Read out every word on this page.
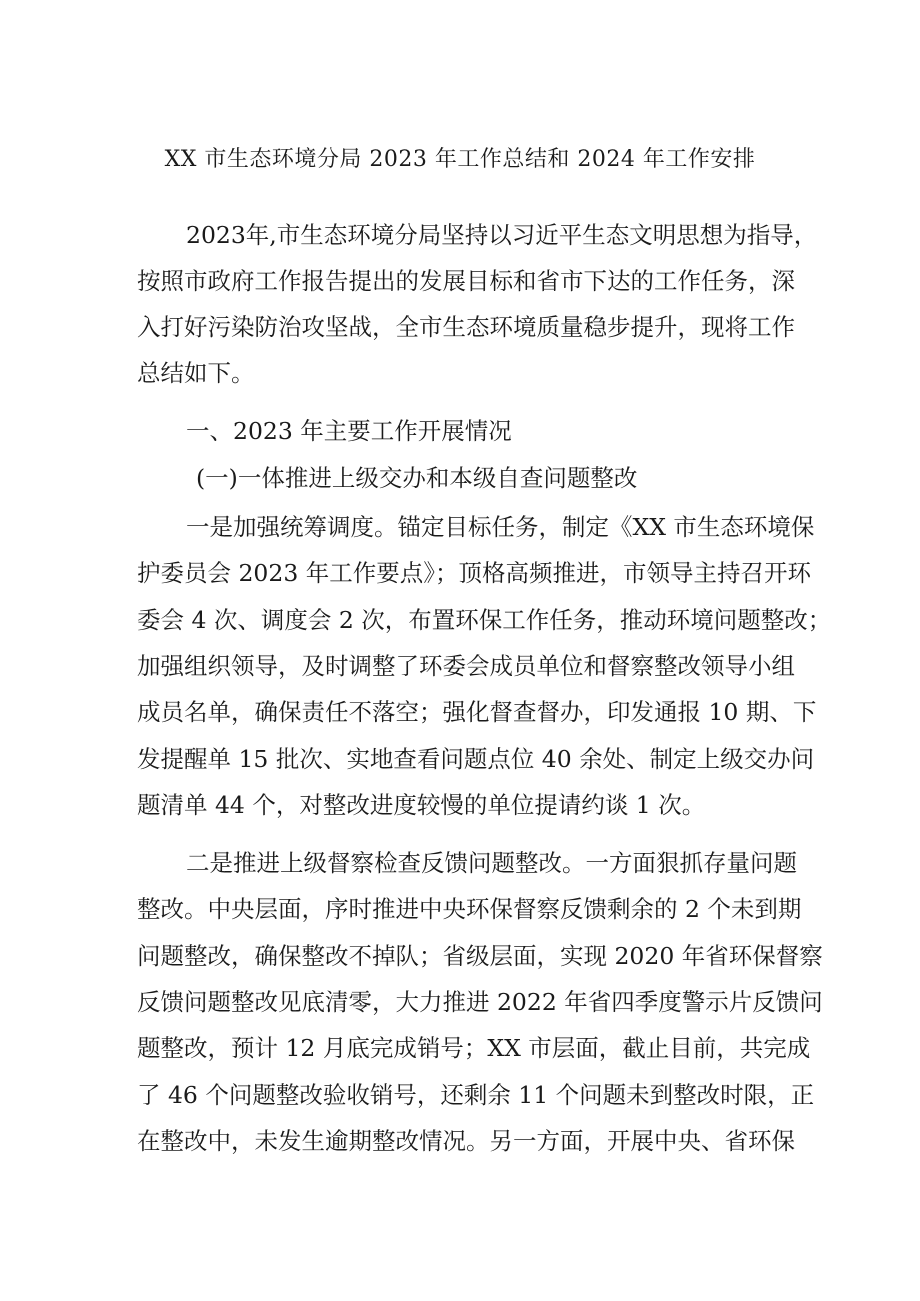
XX 市生态环境分局 2023 年工作总结和 2024 年工作安排
2023年,市生态环境分局坚持以习近平生态文明思想为指导，
按照市政府工作报告提出的发展目标和省市下达的工作任务，深
入打好污染防治攻坚战，全市生态环境质量稳步提升，现将工作
总结如下。
一、2023 年主要工作开展情况
(一)一体推进上级交办和本级自查问题整改
一是加强统筹调度。锚定目标任务，制定《XX 市生态环境保
护委员会 2023 年工作要点》；顶格高频推进，市领导主持召开环
委会 4 次、调度会 2 次，布置环保工作任务，推动环境问题整改；
加强组织领导，及时调整了环委会成员单位和督察整改领导小组
成员名单，确保责任不落空；强化督查督办，印发通报 10 期、下
发提醒单 15 批次、实地查看问题点位 40 余处、制定上级交办问
题清单 44 个，对整改进度较慢的单位提请约谈 1 次。
二是推进上级督察检查反馈问题整改。一方面狠抓存量问题
整改。中央层面，序时推进中央环保督察反馈剩余的 2 个未到期
问题整改，确保整改不掉队；省级层面，实现 2020 年省环保督察
反馈问题整改见底清零，大力推进 2022 年省四季度警示片反馈问
题整改，预计 12 月底完成销号；XX 市层面，截止目前，共完成
了 46 个问题整改验收销号，还剩余 11 个问题未到整改时限，正
在整改中，未发生逾期整改情况。另一方面，开展中央、省环保
